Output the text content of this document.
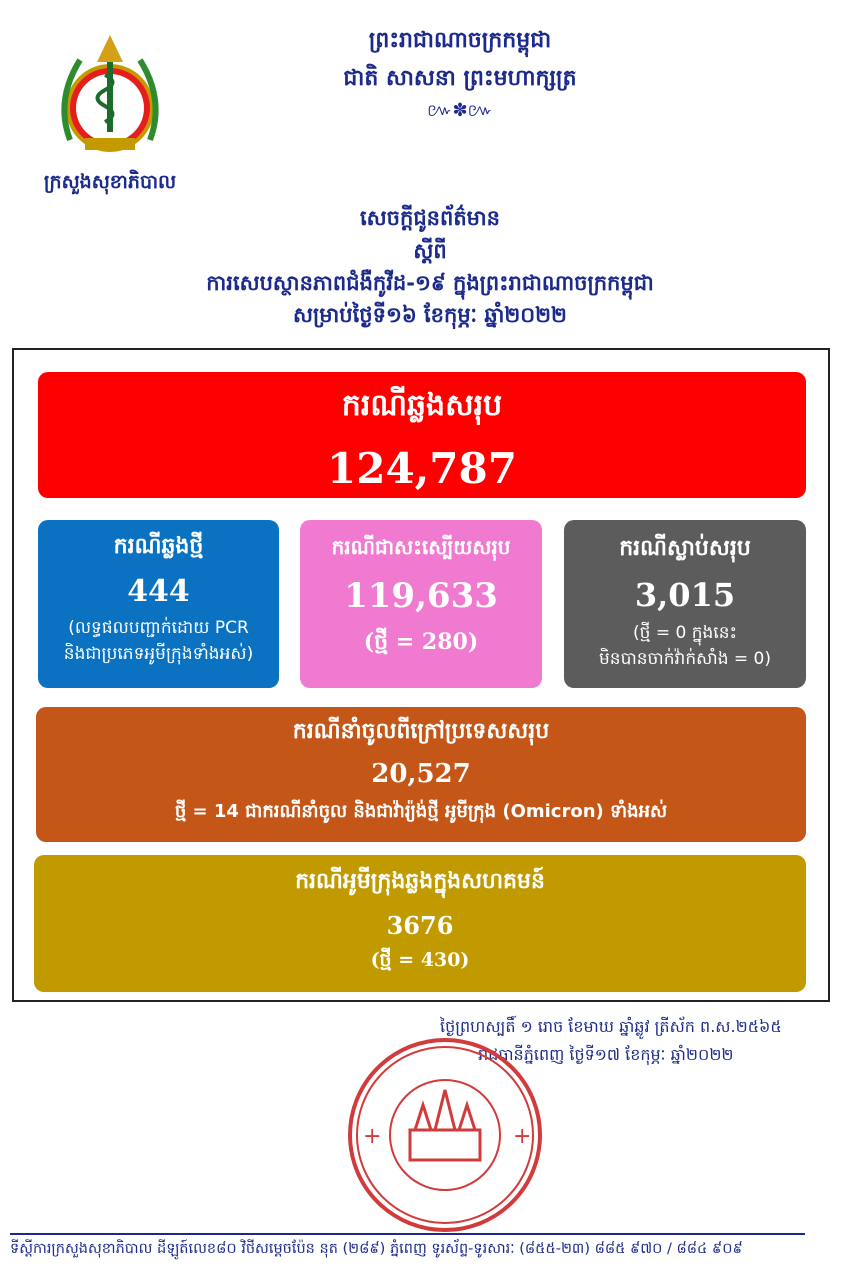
ក្រសួងសុខាភិបាល
ព្រះរាជាណាចក្រកម្ពុជា
ជាតិ សាសនា ព្រះមហាក្សត្រ
៚✽៚
សេចក្តីជូនព័ត៌មាន
ស្តីពី
ការសេបស្ថានភាពជំងឺកូវីដ-១៩ ក្នុងព្រះរាជាណាចក្រកម្ពុជា
សម្រាប់ថ្ងៃទី១៦ ខែកុម្ភៈ ឆ្នាំ២០២២
ករណីឆ្លងសរុប
124,787
ករណីឆ្លងថ្មី
444
(លទ្ធផលបញ្ជាក់ដោយ PCR
និងជាប្រភេទអូមីក្រុងទាំងអស់)
ករណីជាសះស្បើយសរុប
119,633
(ថ្មី = 280)
ករណីស្លាប់សរុប
3,015
(ថ្មី = 0 ក្នុងនេះ
មិនបានចាក់វ៉ាក់សាំង = 0)
ករណីនាំចូលពីក្រៅប្រទេសសរុប
20,527
ថ្មី = 14 ជាករណីនាំចូល និងជាវ៉ារ្យ៉ង់ថ្មី អូមីក្រុង (Omicron) ទាំងអស់
ករណីអូមីក្រុងឆ្លងក្នុងសហគមន៍
3676
(ថ្មី = 430)
ថ្ងៃព្រហស្បតិ៍ ១ រោច ខែមាឃ ឆ្នាំឆ្លូវ ត្រីស័ក ព.ស.២៥៦៥
រាជធានីភ្នំពេញ ថ្ងៃទី១៧ ខែកុម្ភៈ ឆ្នាំ២០២២
+	+
ទីស្តីការក្រសួងសុខាភិបាល ដីឡូត៍លេខ៨០ វិថីសម្តេចប៉ែន នុត (២៨៩) ភ្នំពេញ ទូរស័ព្ទ-ទូរសារៈ (៨៥៥-២៣) ៨៨៥ ៩៧០ / ៨៨៤ ៩០៩
